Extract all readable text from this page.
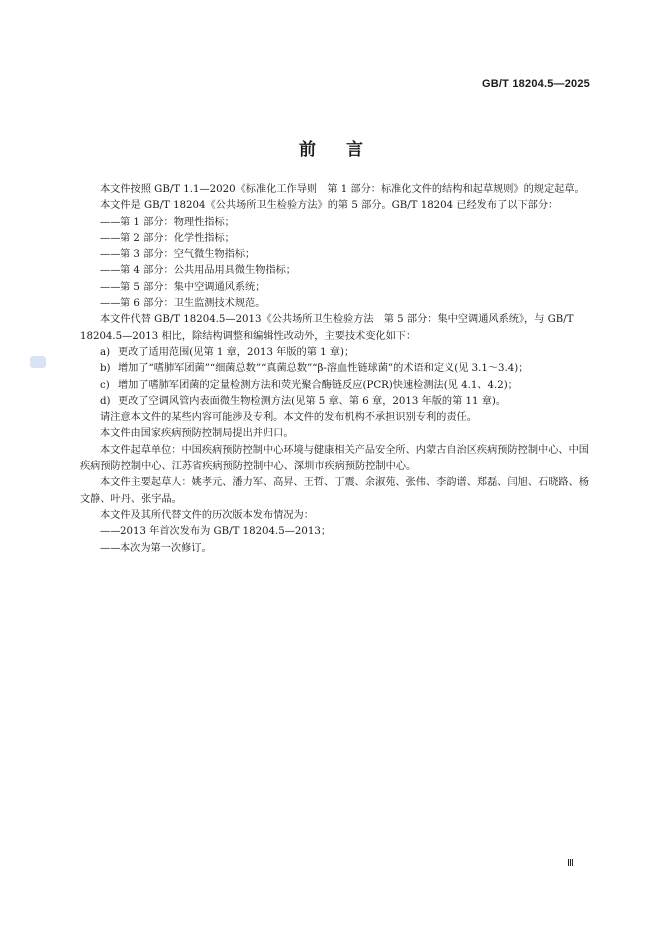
GB/T 18204.5—2025
前言

本文件按照 GB/T 1.1—2020《标准化工作导则　第 1 部分：标准化文件的结构和起草规则》的规定起草。

本文件是 GB/T 18204《公共场所卫生检验方法》的第 5 部分。GB/T 18204 已经发布了以下部分：

——第 1 部分：物理性指标；
——第 2 部分：化学性指标；
——第 3 部分：空气微生物指标；
——第 4 部分：公共用品用具微生物指标；
——第 5 部分：集中空调通风系统；
——第 6 部分：卫生监测技术规范。

本文件代替 GB/T 18204.5—2013《公共场所卫生检验方法　第 5 部分：集中空调通风系统》，与 GB/T 18204.5—2013 相比，除结构调整和编辑性改动外，主要技术变化如下：

a) 更改了适用范围(见第 1 章，2013 年版的第 1 章)；
b) 增加了“嗜肺军团菌”“细菌总数”“真菌总数”“β-溶血性链球菌”的术语和定义(见 3.1～3.4)；
c) 增加了嗜肺军团菌的定量检测方法和荧光聚合酶链反应(PCR)快速检测法(见 4.1、4.2)；
d) 更改了空调风管内表面微生物检测方法(见第 5 章、第 6 章，2013 年版的第 11 章)。

请注意本文件的某些内容可能涉及专利。本文件的发布机构不承担识别专利的责任。

本文件由国家疾病预防控制局提出并归口。

本文件起草单位：中国疾病预防控制中心环境与健康相关产品安全所、内蒙古自治区疾病预防控制中心、中国疾病预防控制中心、江苏省疾病预防控制中心、深圳市疾病预防控制中心。

本文件主要起草人：姚孝元、潘力军、高昇、王哲、丁震、余淑苑、张伟、李韵谱、郑磊、闫旭、石晓路、杨文静、叶丹、张宇晶。

本文件及其所代替文件的历次版本发布情况为：

——2013 年首次发布为 GB/T 18204.5—2013；
——本次为第一次修订。
Ⅲ
